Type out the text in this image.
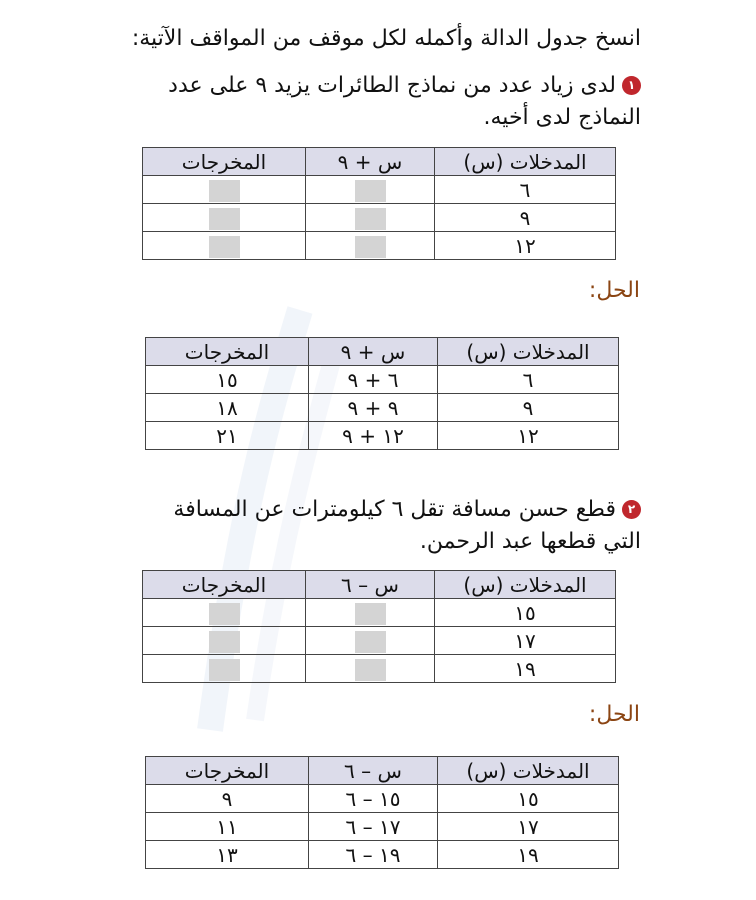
انسخ جدول الدالة وأكمله لكل موقف من المواقف الآتية:
١لدى زياد عدد من نماذج الطائرات يزيد ٩ على عدد
النماذج لدى أخيه.
المدخلات (س)	س + ٩	المخرجات
٦		
٩		
١٢		
الحل:
المدخلات (س)	س + ٩	المخرجات
٦	٦ + ٩	١٥
٩	٩ + ٩	١٨
١٢	١٢ + ٩	٢١
٢قطع حسن مسافة تقل ٦ كيلومترات عن المسافة
التي قطعها عبد الرحمن.
المدخلات (س)	س – ٦	المخرجات
١٥		
١٧		
١٩		
الحل:
المدخلات (س)	س – ٦	المخرجات
١٥	١٥ – ٦	٩
١٧	١٧ – ٦	١١
١٩	١٩ – ٦	١٣
